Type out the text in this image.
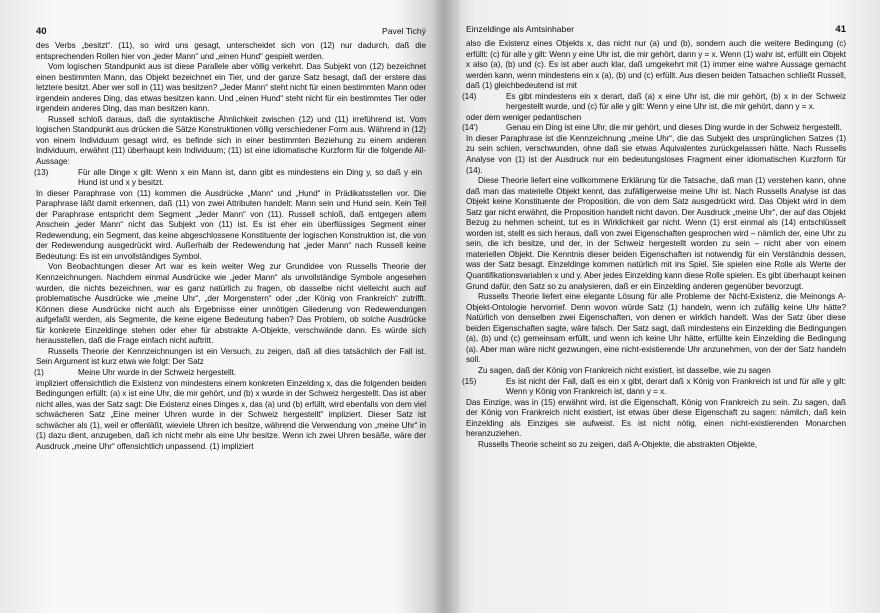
40	Pavel Tichý

des Verbs „besitzt“. (11), so wird uns gesagt, unterscheidet sich von (12) nur dadurch, daß die entsprechenden Rollen hier von „jeder Mann“ und „einen Hund“ gespielt werden.

Vom logischen Standpunkt aus ist diese Parallele aber völlig verkehrt. Das Subjekt von (12) bezeichnet einen bestimmten Mann, das Objekt bezeichnet ein Tier, und der ganze Satz besagt, daß der erstere das letztere besitzt. Aber wer soll in (11) was besitzen? „Jeder Mann“ steht nicht für einen bestimmten Mann oder irgendein anderes Ding, das etwas besitzen kann. Und „einen Hund“ steht nicht für ein bestimmtes Tier oder irgendein anderes Ding, das man besitzen kann.

Russell schloß daraus, daß die syntaktische Ähnlichkeit zwischen (12) und (11) irreführend ist. Vom logischen Standpunkt aus drücken die Sätze Konstruktionen völlig verschiedener Form aus. Während in (12) von einem Individuum gesagt wird, es befinde sich in einer bestimmten Beziehung zu einem anderen Individuum, erwähnt (11) überhaupt kein Individuum; (11) ist eine idiomatische Kurzform für die folgende All-Aussage:

(13)	Für alle Dinge x gilt: Wenn x ein Mann ist, dann gibt es mindestens ein Ding y, so daß y ein Hund ist und x y besitzt.

In dieser Paraphrase von (11) kommen die Ausdrücke „Mann“ und „Hund“ in Prädikatsstellen vor. Die Paraphrase läßt damit erkennen, daß (11) von zwei Attributen handelt: Mann sein und Hund sein. Kein Teil der Paraphrase entspricht dem Segment „Jeder Mann“ von (11). Russell schloß, daß entgegen allem Anschein „jeder Mann“ nicht das Subjekt von (11) ist. Es ist eher ein überflüssiges Segment einer Redewendung, ein Segment, das keine abgeschlossene Konstituente der logischen Konstruktion ist, die von der Redewendung ausgedrückt wird. Außerhalb der Redewendung hat „jeder Mann“ nach Russell keine Bedeutung: Es ist ein unvollständiges Symbol.

Von Beobachtungen dieser Art war es kein weiter Weg zur Grundidee von Russells Theorie der Kennzeichnungen. Nachdem einmal Ausdrücke wie „jeder Mann“ als unvollständige Symbole angesehen wurden, die nichts bezeichnen, war es ganz natürlich zu fragen, ob dasselbe nicht vielleicht auch auf problematische Ausdrücke wie „meine Uhr“, „der Morgenstern“ oder „der König von Frankreich“ zutrifft. Können diese Ausdrücke nicht auch als Ergebnisse einer unnötigen Gliederung von Redewendungen aufgefaßt werden, als Segmente, die keine eigene Bedeutung haben? Das Problem, ob solche Ausdrücke für konkrete Einzeldinge stehen oder eher für abstrakte A-Objekte, verschwände dann. Es würde sich herausstellen, daß die Frage einfach nicht auftritt.

Russells Theorie der Kennzeichnungen ist ein Versuch, zu zeigen, daß all dies tatsächlich der Fall ist. Sein Argument ist kurz etwa wie folgt: Der Satz

(1)	Meine Uhr wurde in der Schweiz hergestellt.

impliziert offensichtlich die Existenz von mindestens einem konkreten Einzelding x, das die folgenden beiden Bedingungen erfüllt: (a) x ist eine Uhr, die mir gehört, und (b) x wurde in der Schweiz hergestellt. Das ist aber nicht alles, was der Satz sagt: Die Existenz eines Dinges x, das (a) und (b) erfüllt, wird ebenfalls von dem viel schwächeren Satz „Eine meiner Uhren wurde in der Schweiz hergestellt“ impliziert. Dieser Satz ist schwächer als (1), weil er offenläßt, wieviele Uhren ich besitze, während die Verwendung von „meine Uhr“ in (1) dazu dient, anzugeben, daß ich nicht mehr als eine Uhr besitze. Wenn ich zwei Uhren besäße, wäre der Ausdruck „meine Uhr“ offensichtlich unpassend. (1) impliziert

Einzeldinge als Amtsinhaber	41

also die Existenz eines Objekts x, das nicht nur (a) und (b), sondern auch die weitere Bedingung (c) erfüllt: (c) für alle y gilt: Wenn y eine Uhr ist, die mir gehört, dann y = x. Wenn (1) wahr ist, erfüllt ein Objekt x also (a), (b) und (c). Es ist aber auch klar, daß umgekehrt mit (1) immer eine wahre Aussage gemacht werden kann, wenn mindestens ein x (a), (b) und (c) erfüllt. Aus diesen beiden Tatsachen schließt Russell, daß (1) gleichbedeutend ist mit

(14)	Es gibt mindestens ein x derart, daß (a) x eine Uhr ist, die mir gehört, (b) x in der Schweiz hergestellt wurde, und (c) für alle y gilt: Wenn y eine Uhr ist, die mir gehört, dann y = x.

oder dem weniger pedantischen

(14')	Genau ein Ding ist eine Uhr, die mir gehört, und dieses Ding wurde in der Schweiz hergestellt.

In dieser Paraphrase ist die Kennzeichnung „meine Uhr“, die das Subjekt des ursprünglichen Satzes (1) zu sein schien, verschwunden, ohne daß sie etwas Äquivalentes zurückgelassen hätte. Nach Russells Analyse von (1) ist der Ausdruck nur ein bedeutungsloses Fragment einer idiomatischen Kurzform für (14).

Diese Theorie liefert eine vollkommene Erklärung für die Tatsache, daß man (1) verstehen kann, ohne daß man das materielle Objekt kennt, das zufälligerweise meine Uhr ist. Nach Russells Analyse ist das Objekt keine Konstituente der Proposition, die von dem Satz ausgedrückt wird. Das Objekt wird in dem Satz gar nicht erwähnt, die Proposition handelt nicht davon. Der Ausdruck „meine Uhr“, der auf das Objekt Bezug zu nehmen scheint, tut es in Wirklichkeit gar nicht. Wenn (1) erst einmal als (14) entschlüsselt worden ist, stellt es sich heraus, daß von zwei Eigenschaften gesprochen wird – nämlich der, eine Uhr zu sein, die ich besitze, und der, in der Schweiz hergestellt worden zu sein – nicht aber von einem materiellen Objekt. Die Kenntnis dieser beiden Eigenschaften ist notwendig für ein Verständnis dessen, was der Satz besagt. Einzeldinge kommen natürlich mit ins Spiel. Sie spielen eine Rolle als Werte der Quantifikationsvariablen x und y. Aber jedes Einzelding kann diese Rolle spielen. Es gibt überhaupt keinen Grund dafür, den Satz so zu analysieren, daß er ein Einzelding anderen gegenüber bevorzugt.

Russells Theorie liefert eine elegante Lösung für alle Probleme der Nicht-Existenz, die Meinongs A-Objekt-Ontologie hervorrief. Denn wovon würde Satz (1) handeln, wenn ich zufällig keine Uhr hätte? Natürlich von denselben zwei Eigenschaften, von denen er wirklich handelt. Was der Satz über diese beiden Eigenschaften sagte, wäre falsch. Der Satz sagt, daß mindestens ein Einzelding die Bedingungen (a), (b) und (c) gemeinsam erfüllt, und wenn ich keine Uhr hätte, erfüllte kein Einzelding die Bedingung (a). Aber man wäre nicht gezwungen, eine nicht-existierende Uhr anzunehmen, von der der Satz handeln soll.

Zu sagen, daß der König von Frankreich nicht existiert, ist dasselbe, wie zu sagen

(15)	Es ist nicht der Fall, daß es ein x gibt, derart daß x König von Frankreich ist und für alle y gilt: Wenn y König von Frankreich ist, dann y = x.

Das Einzige, was in (15) erwähnt wird, ist die Eigenschaft, König von Frankreich zu sein. Zu sagen, daß der König von Frankreich nicht existiert, ist etwas über diese Eigenschaft zu sagen: nämlich, daß kein Einzelding als Einziges sie aufweist. Es ist nicht nötig, einen nicht-existierenden Monarchen heranzuziehen.

Russells Theorie scheint so zu zeigen, daß A-Objekte, die abstrakten Objekte,
